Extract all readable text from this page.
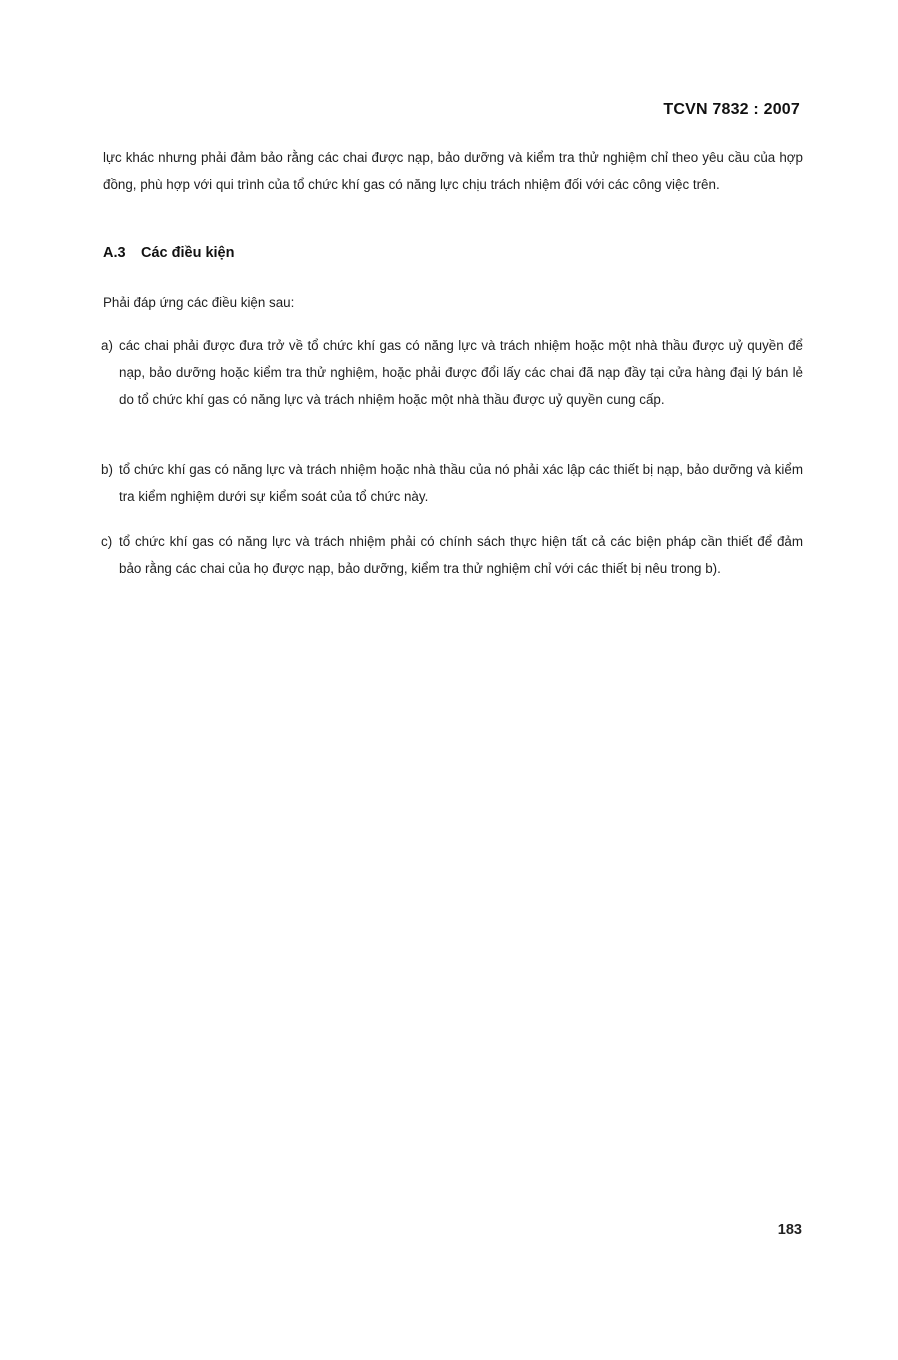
TCVN 7832 : 2007
lực khác nhưng phải đảm bảo rằng các chai được nạp, bảo dưỡng và kiểm tra thử nghiệm chỉ theo yêu cầu của hợp đồng, phù hợp với qui trình của tổ chức khí gas có năng lực chịu trách nhiệm đối với các công việc trên.
A.3 Các điều kiện
Phải đáp ứng các điều kiện sau:
a) các chai phải được đưa trở về tổ chức khí gas có năng lực và trách nhiệm hoặc một nhà thầu được uỷ quyền để nạp, bảo dưỡng hoặc kiểm tra thử nghiệm, hoặc phải được đổi lấy các chai đã nạp đầy tại cửa hàng đại lý bán lẻ do tổ chức khí gas có năng lực và trách nhiệm hoặc một nhà thầu được uỷ quyền cung cấp.
b) tổ chức khí gas có năng lực và trách nhiệm hoặc nhà thầu của nó phải xác lập các thiết bị nạp, bảo dưỡng và kiểm tra kiểm nghiệm dưới sự kiểm soát của tổ chức này.
c) tổ chức khí gas có năng lực và trách nhiệm phải có chính sách thực hiện tất cả các biện pháp cần thiết để đảm bảo rằng các chai của họ được nạp, bảo dưỡng, kiểm tra thử nghiệm chỉ với các thiết bị nêu trong b).
183
